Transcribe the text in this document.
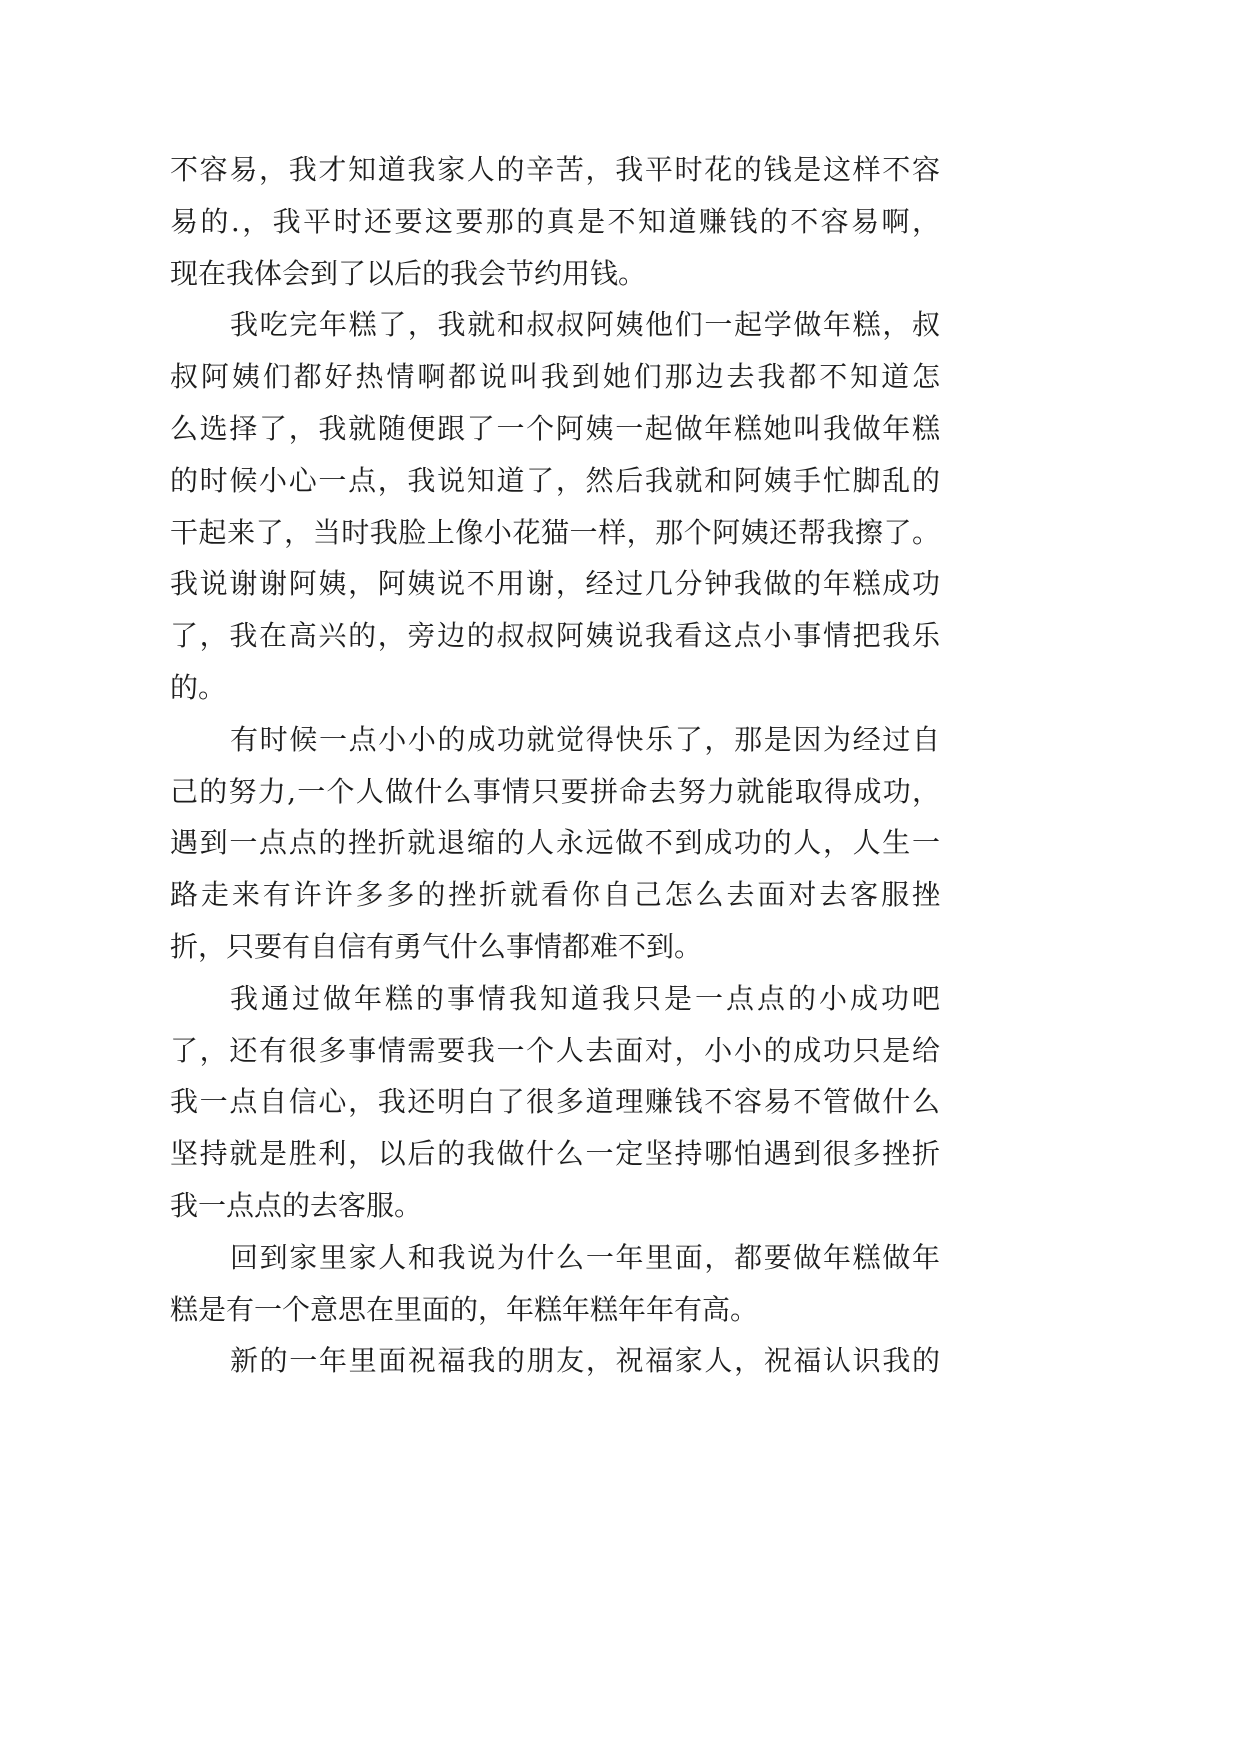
不容易，我才知道我家人的辛苦，我平时花的钱是这样不容
易的.，我平时还要这要那的真是不知道赚钱的不容易啊，
现在我体会到了以后的我会节约用钱。
我吃完年糕了，我就和叔叔阿姨他们一起学做年糕，叔
叔阿姨们都好热情啊都说叫我到她们那边去我都不知道怎
么选择了，我就随便跟了一个阿姨一起做年糕她叫我做年糕
的时候小心一点，我说知道了，然后我就和阿姨手忙脚乱的
干起来了，当时我脸上像小花猫一样，那个阿姨还帮我擦了。
我说谢谢阿姨，阿姨说不用谢，经过几分钟我做的年糕成功
了，我在高兴的，旁边的叔叔阿姨说我看这点小事情把我乐
的。
有时候一点小小的成功就觉得快乐了，那是因为经过自
己的努力,一个人做什么事情只要拼命去努力就能取得成功，
遇到一点点的挫折就退缩的人永远做不到成功的人，人生一
路走来有许许多多的挫折就看你自己怎么去面对去客服挫
折，只要有自信有勇气什么事情都难不到。
我通过做年糕的事情我知道我只是一点点的小成功吧
了，还有很多事情需要我一个人去面对，小小的成功只是给
我一点自信心，我还明白了很多道理赚钱不容易不管做什么
坚持就是胜利，以后的我做什么一定坚持哪怕遇到很多挫折
我一点点的去客服。
回到家里家人和我说为什么一年里面，都要做年糕做年
糕是有一个意思在里面的，年糕年糕年年有高。
新的一年里面祝福我的朋友，祝福家人，祝福认识我的
